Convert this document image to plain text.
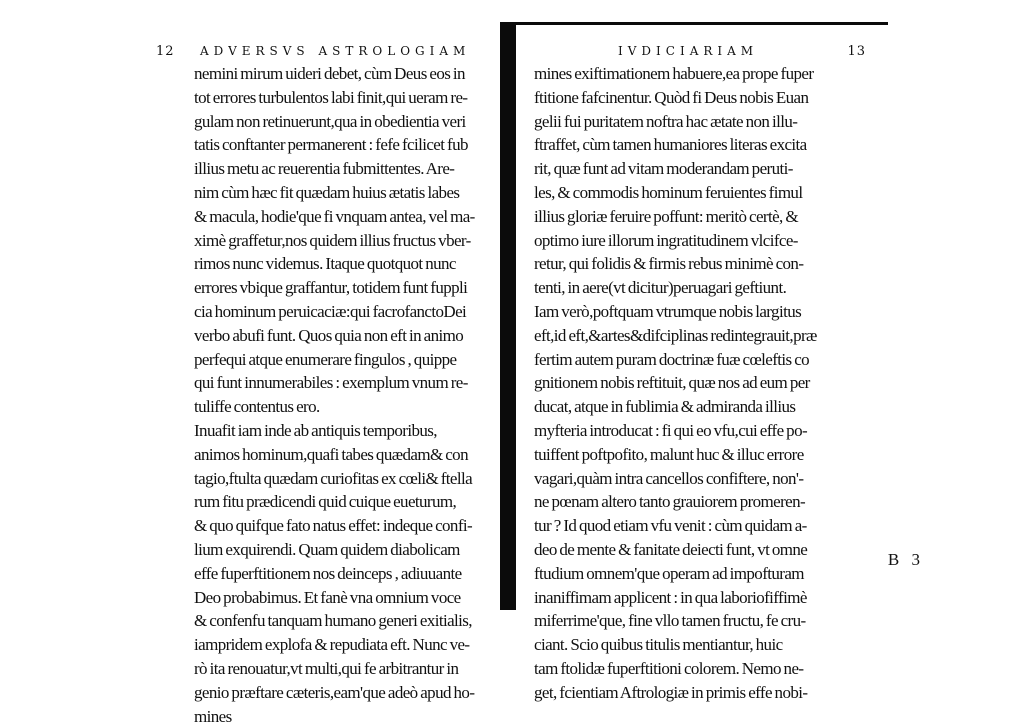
12 ADVERSVS ASTROLOGIAM
nemini mirum uideri debet, cùm Deus eos in
tot errores turbulentos labi finit,qui ueram re-
gulam non retinuerunt,qua in obedientia veri
tatis conftanter permanerent : fefe fcilicet fub
illius metu ac reuerentia fubmittentes. Are-
nim cùm hæc fit quædam huius ætatis labes
& macula, hodie'que fi vnquam antea, vel ma-
ximè graffetur,nos quidem illius fructus vber-
rimos nunc videmus. Itaque quotquot nunc
errores vbique graffantur, totidem funt fuppli
cia hominum peruicaciæ:qui facrofanctoDei
verbo abufi funt. Quos quia non eft in animo
perfequi atque enumerare fingulos , quippe
qui funt innumerabiles : exemplum vnum re-
tuliffe contentus ero.
Inuafit iam inde ab antiquis temporibus,
animos hominum,quafi tabes quædam& con
tagio,ftulta quædam curiofitas ex cœli& ftella
rum fitu prædicendi quid cuique eueturum,
& quo quifque fato natus effet: indeque confi-
lium exquirendi. Quam quidem diabolicam
effe fuperftitionem nos deinceps , adiuuante
Deo probabimus. Et fanè vna omnium voce
& confenfu tanquam humano generi exitialis,
iampridem explofa & repudiata eft. Nunc ve-
rò ita renouatur,vt multi,qui fe arbitrantur in
genio præftare cæteris,eam'que adeò apud ho-
mines
IVDICIARIAM	13
mines exiftimationem habuere,ea prope fuper
ftitione fafcinentur. Quòd fi Deus nobis Euan
gelii fui puritatem noftra hac ætate non illu-
ftraffet, cùm tamen humaniores literas excita
rit, quæ funt ad vitam moderandam peruti-
les, & commodis hominum feruientes fimul
illius gloriæ feruire poffunt: meritò certè, &
optimo iure illorum ingratitudinem vlcifce-
retur, qui folidis & firmis rebus minimè con-
tenti, in aere(vt dicitur)peruagari geftiunt.
Iam verò,poftquam vtrumque nobis largitus
eft,id eft,&artes&difciplinas redintegrauit,præ
fertim autem puram doctrinæ fuæ cœleftis co
gnitionem nobis reftituit, quæ nos ad eum per
ducat, atque in fublimia & admiranda illius
myfteria introducat : fi qui eo vfu,cui effe po-
tuiffent poftpofito, malunt huc & illuc errore
vagari,quàm intra cancellos confiftere, non'-
ne pœnam altero tanto grauiorem promeren-
tur ? Id quod etiam vfu venit : cùm quidam a-
deo de mente & fanitate deiecti funt, vt omne
ftudium omnem'que operam ad impofturam
inaniffimam applicent : in qua laboriofiffimè
miferrime'que, fine vllo tamen fructu, fe cru-
ciant. Scio quibus titulis mentiantur, huic
tam ftolidæ fuperftitioni colorem. Nemo ne-
get, fcientiam Aftrologiæ in primis effe nobi-
B 3
